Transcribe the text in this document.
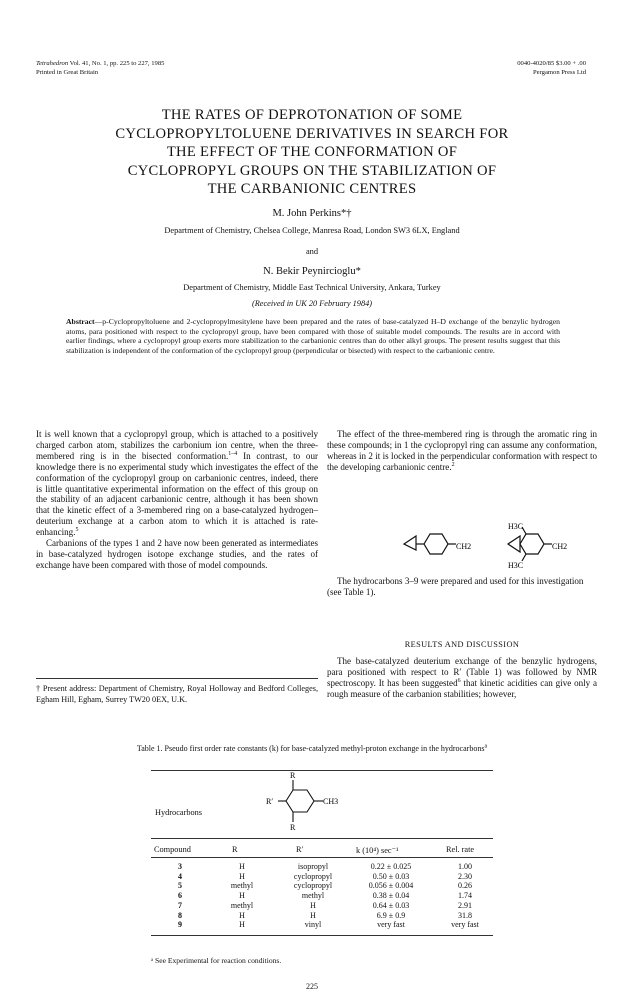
Tetrahedron Vol. 41, No. 1, pp. 225 to 227, 1985
Printed in Great Britain
0040-4020/85 $3.00 + .00
Pergamon Press Ltd
THE RATES OF DEPROTONATION OF SOME
CYCLOPROPYLTOLUENE DERIVATIVES IN SEARCH FOR
THE EFFECT OF THE CONFORMATION OF
CYCLOPROPYL GROUPS ON THE STABILIZATION OF
THE CARBANIONIC CENTRES
M. John Perkins*†
Department of Chemistry, Chelsea College, Manresa Road, London SW3 6LX, England
and
N. Bekir Peynircioglu*
Department of Chemistry, Middle East Technical University, Ankara, Turkey
(Received in UK 20 February 1984)
Abstract—p-Cyclopropyltoluene and 2-cyclopropylmesitylene have been prepared and the rates of base-catalyzed H–D exchange of the benzylic hydrogen atoms, para positioned with respect to the cyclopropyl group, have been compared with those of suitable model compounds. The results are in accord with earlier findings, where a cyclopropyl group exerts more stabilization to the carbanionic centres than do other alkyl groups. The present results suggest that this stabilization is independent of the conformation of the cyclopropyl group (perpendicular or bisected) with respect to the carbanionic centre.

It is well known that a cyclopropyl group, which is attached to a positively charged carbon atom, stabilizes the carbonium ion centre, when the three-membered ring is in the bisected conformation.$^{1-4}$ In contrast, to our knowledge there is no experimental study which investigates the effect of the conformation of the cyclopropyl group on carbanionic centres, indeed, there is little quantitative experimental information on the effect of this group on the stability of an adjacent carbanionic centre, although it has been shown that the kinetic effect of a 3-membered ring on a base-catalyzed hydrogen–deuterium exchange at a carbon atom to which it is attached is rate-enhancing.$^5$

Carbanions of the types 1 and 2 have now been generated as intermediates in base-catalyzed hydrogen isotope exchange studies, and the rates of exchange have been compared with those of model compounds.

† Present address: Department of Chemistry, Royal Holloway and Bedford Colleges, Egham Hill, Egham, Surrey TW20 0EX, U.K.

The effect of the three-membered ring is through the aromatic ring in these compounds; in 1 the cyclopropyl ring can assume any conformation, whereas in 2 it is locked in the perpendicular conformation with respect to the developing carbanionic centre.$^2$

CH2
H3C
CH2
H3C
The hydrocarbons 3–9 were prepared and used for this investigation (see Table 1).
RESULTS AND DISCUSSION
The base-catalyzed deuterium exchange of the benzylic hydrogens, para positioned with respect to R′ (Table 1) was followed by NMR spectroscopy. It has been suggested$^6$ that kinetic acidities can give only a rough measure of the carbanion stabilities; however,
Table 1. Pseudo first order rate constants (k) for base-catalyzed methyl-proton exchange in the hydrocarbons$^a$
Hydrocarbons
R
R′	CH3
R
Compound	R	R′	k (10⁴) sec⁻¹	Rel. rate
3	H	isopropyl	0.22 ± 0.025	1.00
4	H	cyclopropyl	0.50 ± 0.03	2.30
5	methyl	cyclopropyl	0.056 ± 0.004	0.26
6	H	methyl	0.38 ± 0.04	1.74
7	methyl	H	0.64 ± 0.03	2.91
8	H	H	6.9 ± 0.9	31.8
9	H	vinyl	very fast	very fast
ᵃ See Experimental for reaction conditions.
225
